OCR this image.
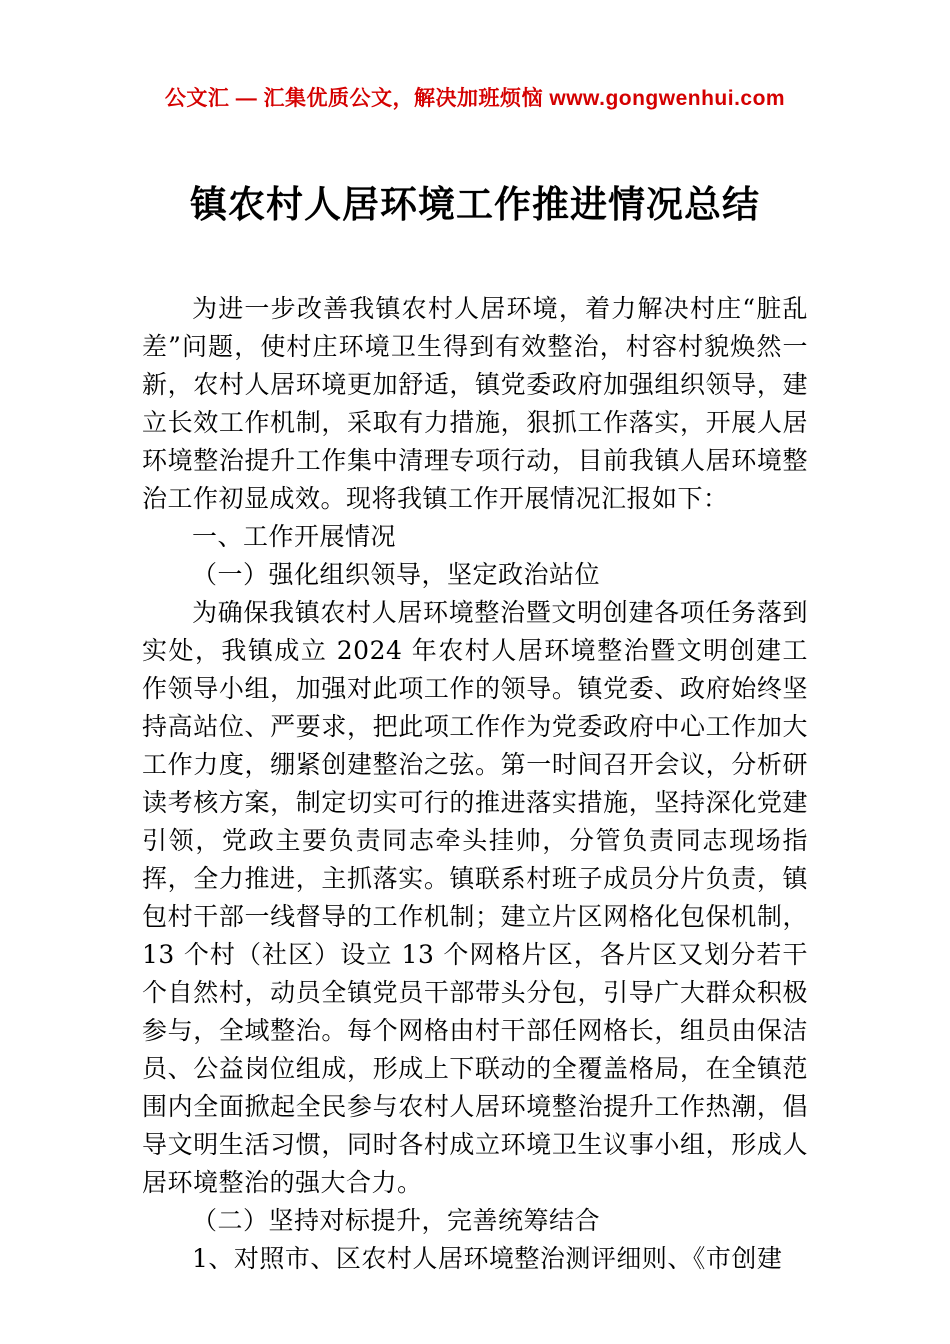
公文汇 — 汇集优质公文，解决加班烦恼 www.gongwenhui.com
镇农村人居环境工作推进情况总结

为进一步改善我镇农村人居环境，着力解决村庄“脏乱差”问题，使村庄环境卫生得到有效整治，村容村貌焕然一新，农村人居环境更加舒适，镇党委政府加强组织领导，建立长效工作机制，采取有力措施，狠抓工作落实，开展人居环境整治提升工作集中清理专项行动，目前我镇人居环境整治工作初显成效。现将我镇工作开展情况汇报如下：

一、工作开展情况

（一）强化组织领导，坚定政治站位

为确保我镇农村人居环境整治暨文明创建各项任务落到实处，我镇成立 2024 年农村人居环境整治暨文明创建工作领导小组，加强对此项工作的领导。镇党委、政府始终坚持高站位、严要求，把此项工作作为党委政府中心工作加大工作力度，绷紧创建整治之弦。第一时间召开会议，分析研读考核方案，制定切实可行的推进落实措施，坚持深化党建引领，党政主要负责同志牵头挂帅，分管负责同志现场指挥，全力推进，主抓落实。镇联系村班子成员分片负责，镇包村干部一线督导的工作机制；建立片区网格化包保机制，13 个村（社区）设立 13 个网格片区，各片区又划分若干个自然村，动员全镇党员干部带头分包，引导广大群众积极参与，全域整治。每个网格由村干部任网格长，组员由保洁员、公益岗位组成，形成上下联动的全覆盖格局，在全镇范围内全面掀起全民参与农村人居环境整治提升工作热潮，倡导文明生活习惯，同时各村成立环境卫生议事小组，形成人居环境整治的强大合力。

（二）坚持对标提升，完善统筹结合

1、对照市、区农村人居环境整治测评细则、《市创建
